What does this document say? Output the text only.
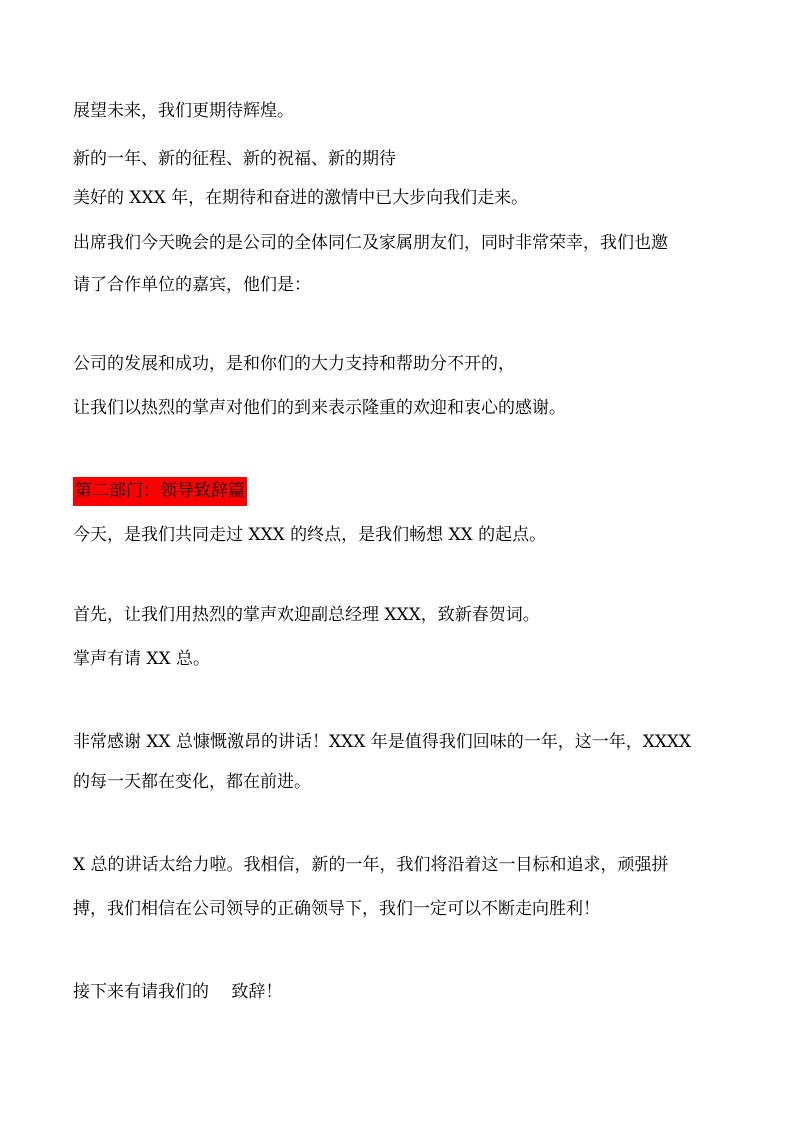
展望未来，我们更期待辉煌。
新的一年、新的征程、新的祝福、新的期待
美好的 XXX 年，在期待和奋进的激情中已大步向我们走来。
出席我们今天晚会的是公司的全体同仁及家属朋友们，同时非常荣幸，我们也邀
请了合作单位的嘉宾，他们是：
公司的发展和成功，是和你们的大力支持和帮助分不开的，
让我们以热烈的掌声对他们的到来表示隆重的欢迎和衷心的感谢。
第二部门：领导致辞篇
今天，是我们共同走过 XXX 的终点，是我们畅想 XX 的起点。
首先，让我们用热烈的掌声欢迎副总经理 XXX，致新春贺词。
掌声有请 XX 总。
非常感谢 XX 总慷慨激昂的讲话！XXX 年是值得我们回味的一年，这一年，XXXX
的每一天都在变化，都在前进。
X 总的讲话太给力啦。我相信，新的一年，我们将沿着这一目标和追求，顽强拼
搏，我们相信在公司领导的正确领导下，我们一定可以不断走向胜利！
接下来有请我们的　 致辞！
